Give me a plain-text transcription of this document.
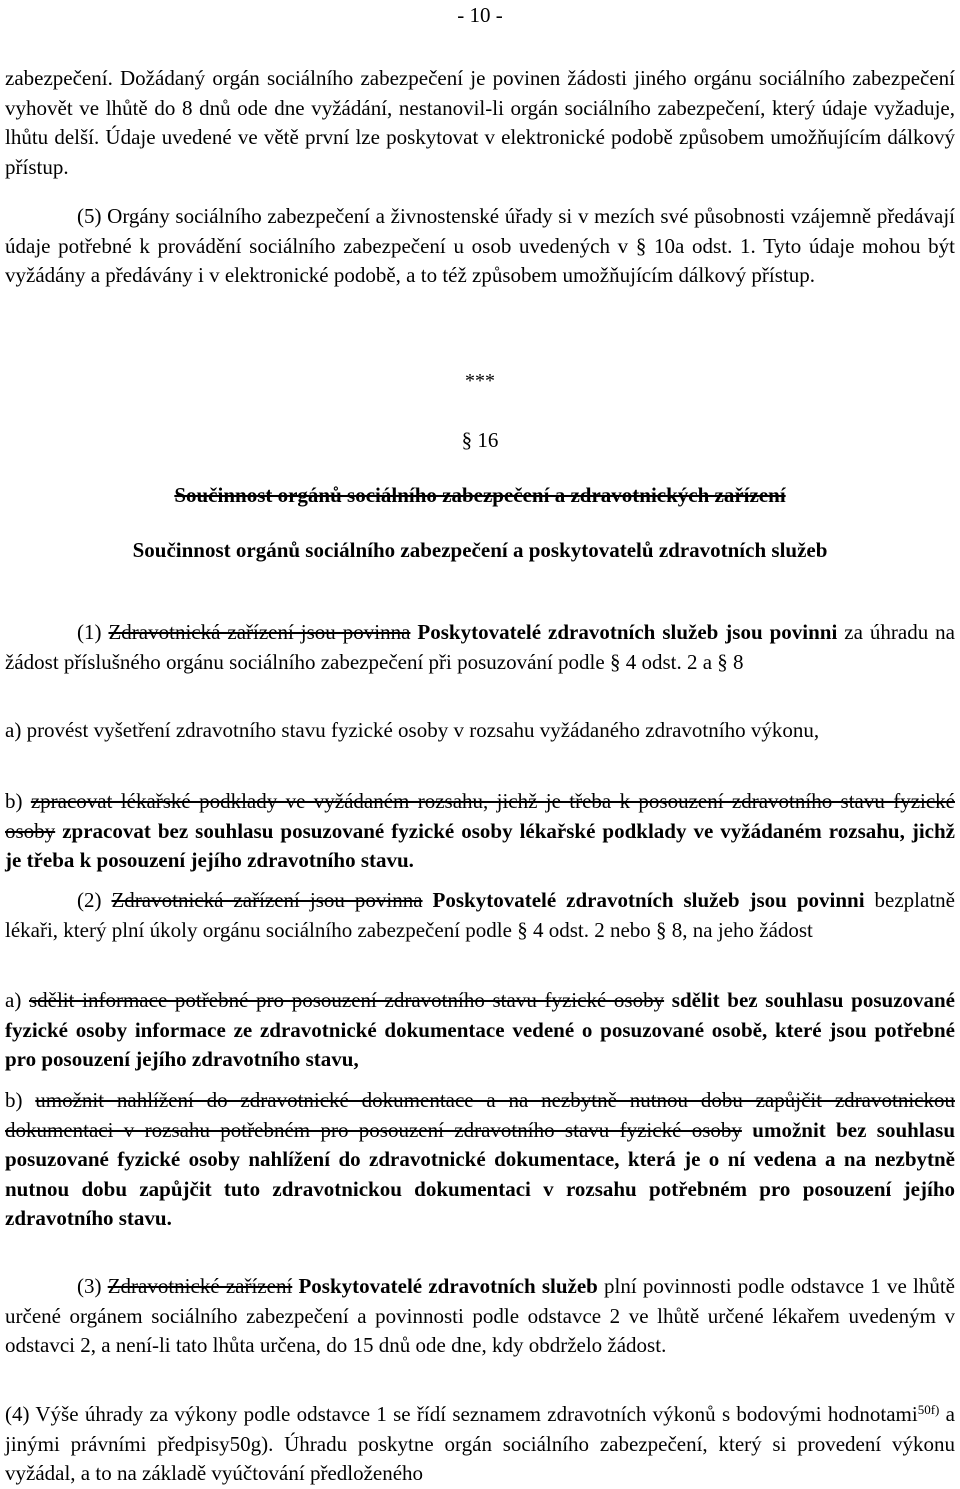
- 10 -

zabezpečení. Dožádaný orgán sociálního zabezpečení je povinen žádosti jiného orgánu sociálního zabezpečení vyhovět ve lhůtě do 8 dnů ode dne vyžádání, nestanovil-li orgán sociálního zabezpečení, který údaje vyžaduje, lhůtu delší. Údaje uvedené ve větě první lze poskytovat v elektronické podobě způsobem umožňujícím dálkový přístup.

(5) Orgány sociálního zabezpečení a živnostenské úřady si v mezích své působnosti vzájemně předávají údaje potřebné k provádění sociálního zabezpečení u osob uvedených v § 10a odst. 1. Tyto údaje mohou být vyžádány a předávány i v elektronické podobě, a to též způsobem umožňujícím dálkový přístup.

***
§ 16
Součinnost orgánů sociálního zabezpečení a zdravotnických zařízení
Součinnost orgánů sociálního zabezpečení a poskytovatelů zdravotních služeb

(1) Zdravotnická zařízení jsou povinna Poskytovatelé zdravotních služeb jsou povinni za úhradu na žádost příslušného orgánu sociálního zabezpečení při posuzování podle § 4 odst. 2 a § 8

a) provést vyšetření zdravotního stavu fyzické osoby v rozsahu vyžádaného zdravotního výkonu,

b) zpracovat lékařské podklady ve vyžádaném rozsahu, jichž je třeba k posouzení zdravotního stavu fyzické osoby zpracovat bez souhlasu posuzované fyzické osoby lékařské podklady ve vyžádaném rozsahu, jichž je třeba k posouzení jejího zdravotního stavu.

(2) Zdravotnická zařízení jsou povinna Poskytovatelé zdravotních služeb jsou povinni bezplatně lékaři, který plní úkoly orgánu sociálního zabezpečení podle § 4 odst. 2 nebo § 8, na jeho žádost

a) sdělit informace potřebné pro posouzení zdravotního stavu fyzické osoby sdělit bez souhlasu posuzované fyzické osoby informace ze zdravotnické dokumentace vedené o posuzované osobě, které jsou potřebné pro posouzení jejího zdravotního stavu,

b) umožnit nahlížení do zdravotnické dokumentace a na nezbytně nutnou dobu zapůjčit zdravotnickou dokumentaci v rozsahu potřebném pro posouzení zdravotního stavu fyzické osoby umožnit bez souhlasu posuzované fyzické osoby nahlížení do zdravotnické dokumentace, která je o ní vedena a na nezbytně nutnou dobu zapůjčit tuto zdravotnickou dokumentaci v rozsahu potřebném pro posouzení jejího zdravotního stavu.

(3) Zdravotnické zařízení Poskytovatelé zdravotních služeb plní povinnosti podle odstavce 1 ve lhůtě určené orgánem sociálního zabezpečení a povinnosti podle odstavce 2 ve lhůtě určené lékařem uvedeným v odstavci 2, a není-li tato lhůta určena, do 15 dnů ode dne, kdy obdrželo žádost.

(4) Výše úhrady za výkony podle odstavce 1 se řídí seznamem zdravotních výkonů s bodovými hodnotami$^{50f)}$ a jinými právními předpisy50g). Úhradu poskytne orgán sociálního zabezpečení, který si provedení výkonu vyžádal, a to na základě vyúčtování předloženého
